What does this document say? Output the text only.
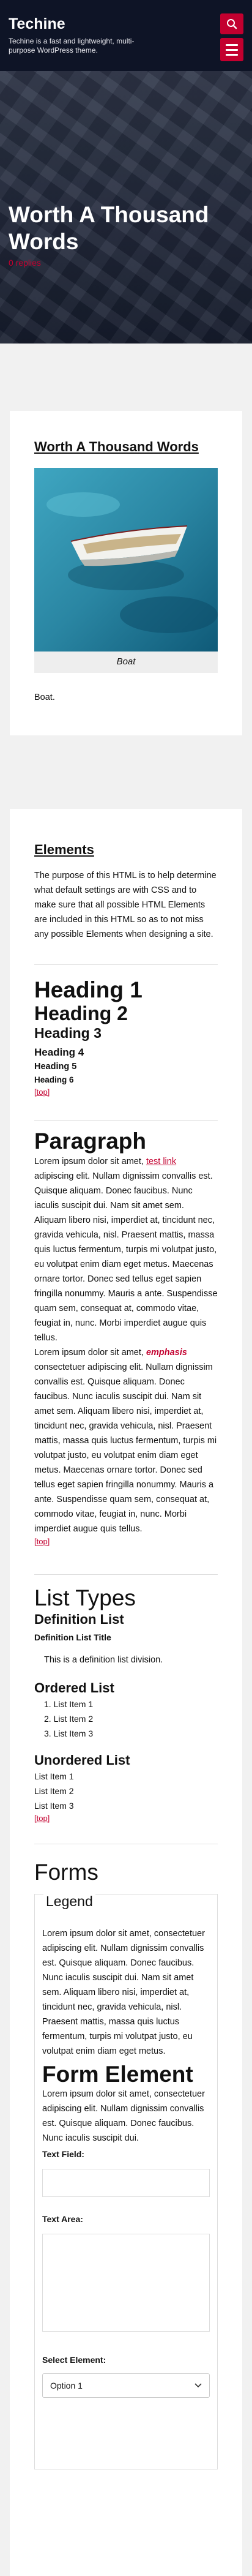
Techine
Techine is a fast and lightweight, multi-purpose WordPress theme.
Worth A Thousand Words
0 replies
Worth A Thousand Words
Boat

Boat.

Elements

The purpose of this HTML is to help determine what default settings are with CSS and to make sure that all possible HTML Elements are included in this HTML so as to not miss any possible Elements when designing a site.

Heading 1
Heading 2
Heading 3
Heading 4
Heading 5
Heading 6
[top]
Paragraph

Lorem ipsum dolor sit amet, test link adipiscing elit. Nullam dignissim convallis est. Quisque aliquam. Donec faucibus. Nunc iaculis suscipit dui. Nam sit amet sem. Aliquam libero nisi, imperdiet at, tincidunt nec, gravida vehicula, nisl. Praesent mattis, massa quis luctus fermentum, turpis mi volutpat justo, eu volutpat enim diam eget metus. Maecenas ornare tortor. Donec sed tellus eget sapien fringilla nonummy. Mauris a ante. Suspendisse quam sem, consequat at, commodo vitae, feugiat in, nunc. Morbi imperdiet augue quis tellus.

Lorem ipsum dolor sit amet, emphasis consectetuer adipiscing elit. Nullam dignissim convallis est. Quisque aliquam. Donec faucibus. Nunc iaculis suscipit dui. Nam sit amet sem. Aliquam libero nisi, imperdiet at, tincidunt nec, gravida vehicula, nisl. Praesent mattis, massa quis luctus fermentum, turpis mi volutpat justo, eu volutpat enim diam eget metus. Maecenas ornare tortor. Donec sed tellus eget sapien fringilla nonummy. Mauris a ante. Suspendisse quam sem, consequat at, commodo vitae, feugiat in, nunc. Morbi imperdiet augue quis tellus.

[top]
List Types
Definition List
Definition List Title
This is a definition list division.
Ordered List
1. List Item 1
2. List Item 2
3. List Item 3
Unordered List
List Item 1
List Item 2
List Item 3
[top]
Forms
Legend

Lorem ipsum dolor sit amet, consectetuer adipiscing elit. Nullam dignissim convallis est. Quisque aliquam. Donec faucibus. Nunc iaculis suscipit dui. Nam sit amet sem. Aliquam libero nisi, imperdiet at, tincidunt nec, gravida vehicula, nisl. Praesent mattis, massa quis luctus fermentum, turpis mi volutpat justo, eu volutpat enim diam eget metus.

Form Element

Lorem ipsum dolor sit amet, consectetuer adipiscing elit. Nullam dignissim convallis est. Quisque aliquam. Donec faucibus. Nunc iaculis suscipit dui.

Text Field:
Text Area:
Select Element:
Option 1
